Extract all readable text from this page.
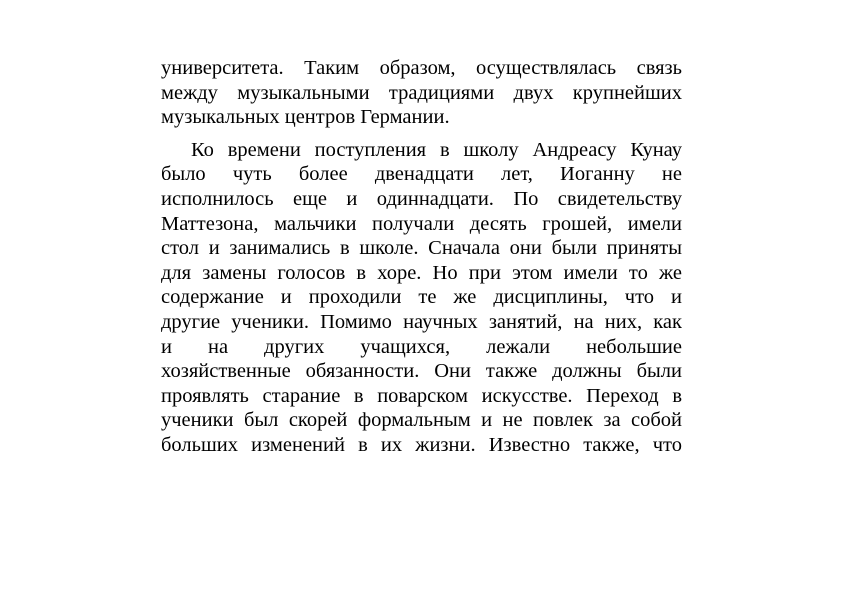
университета. Таким образом, осуществлялась связь
между музыкальными традициями двух крупнейших
музыкальных центров Германии.
Ко времени поступления в школу Андреасу Кунау
было чуть более двенадцати лет, Иоганну не
исполнилось еще и одиннадцати. По свидетельству
Маттезона, мальчики получали десять грошей, имели
стол и занимались в школе. Сначала они были приняты
для замены голосов в хоре. Но при этом имели то же
содержание и проходили те же дисциплины, что и
другие ученики. Помимо научных занятий, на них, как
и на других учащихся, лежали небольшие
хозяйственные обязанности. Они также должны были
проявлять старание в поварском искусстве. Переход в
ученики был скорей формальным и не повлек за собой
больших изменений в их жизни. Известно также, что
